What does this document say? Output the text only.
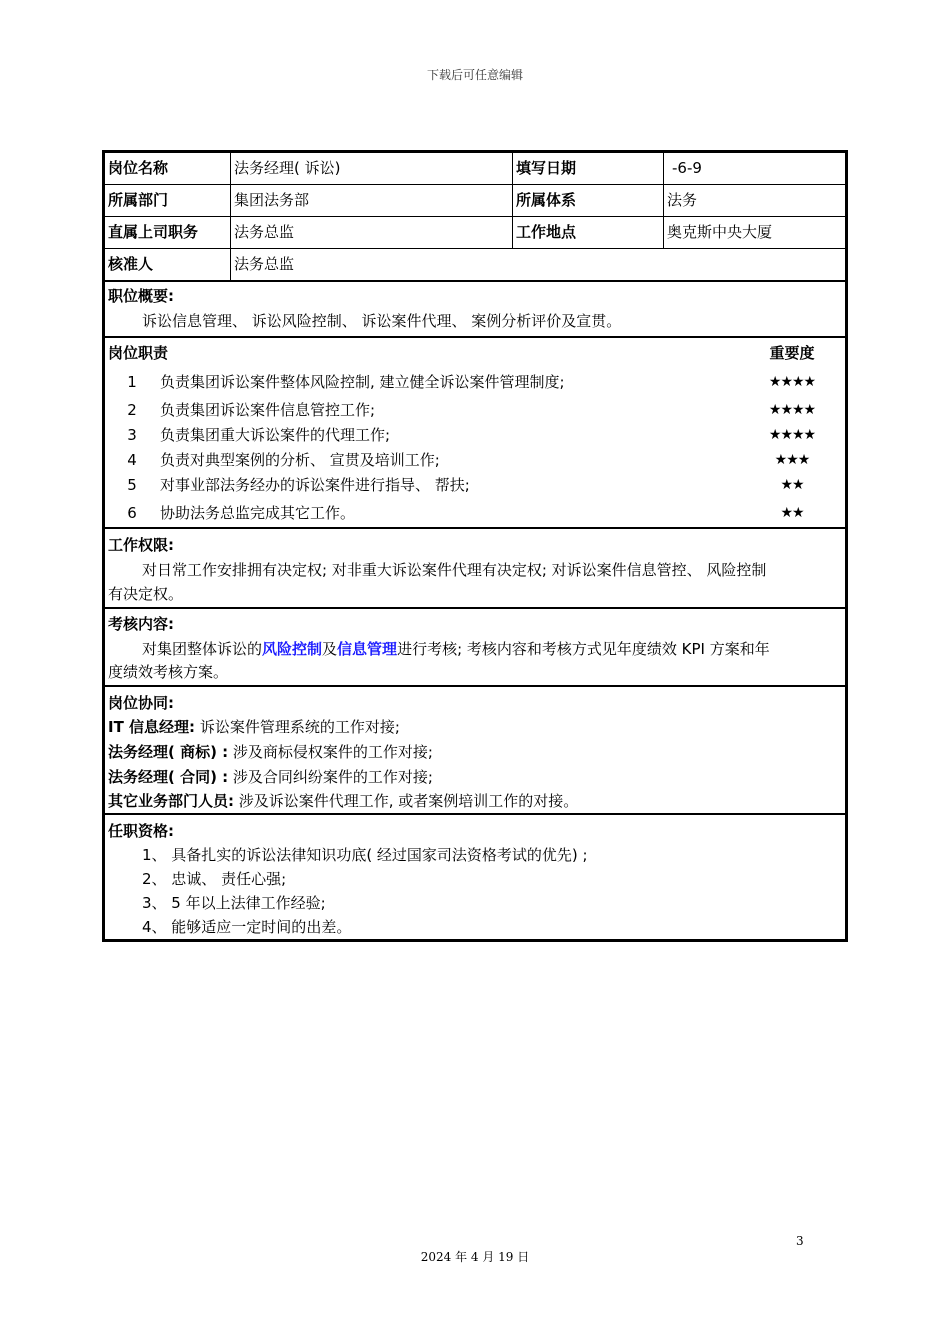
下载后可任意编辑
岗位名称	法务经理( 诉讼)	填写日期	-6-9
所属部门	集团法务部	所属体系	法务
直属上司职务	法务总监	工作地点	奥克斯中央大厦
核准人	法务总监
职位概要:
诉讼信息管理、 诉讼风险控制、 诉讼案件代理、 案例分析评价及宣贯。
岗位职责	重要度
1 负责集团诉讼案件整体风险控制, 建立健全诉讼案件管理制度;	★★★★
2 负责集团诉讼案件信息管控工作;	★★★★
3 负责集团重大诉讼案件的代理工作;	★★★★
4 负责对典型案例的分析、 宣贯及培训工作;	★★★
5 对事业部法务经办的诉讼案件进行指导、 帮扶;	★★
6 协助法务总监完成其它工作。	★★
工作权限:
对日常工作安排拥有决定权; 对非重大诉讼案件代理有决定权; 对诉讼案件信息管控、 风险控制
有决定权。
考核内容:
对集团整体诉讼的风险控制及信息管理进行考核; 考核内容和考核方式见年度绩效 KPI 方案和年
度绩效考核方案。
岗位协同:
IT 信息经理: 诉讼案件管理系统的工作对接;
法务经理( 商标) : 涉及商标侵权案件的工作对接;
法务经理( 合同) : 涉及合同纠纷案件的工作对接;
其它业务部门人员: 涉及诉讼案件代理工作, 或者案例培训工作的对接。
任职资格:
1、 具备扎实的诉讼法律知识功底( 经过国家司法资格考试的优先) ;
2、 忠诚、 责任心强;
3、 5 年以上法律工作经验;
4、 能够适应一定时间的出差。
3
2024 年 4 月 19 日
